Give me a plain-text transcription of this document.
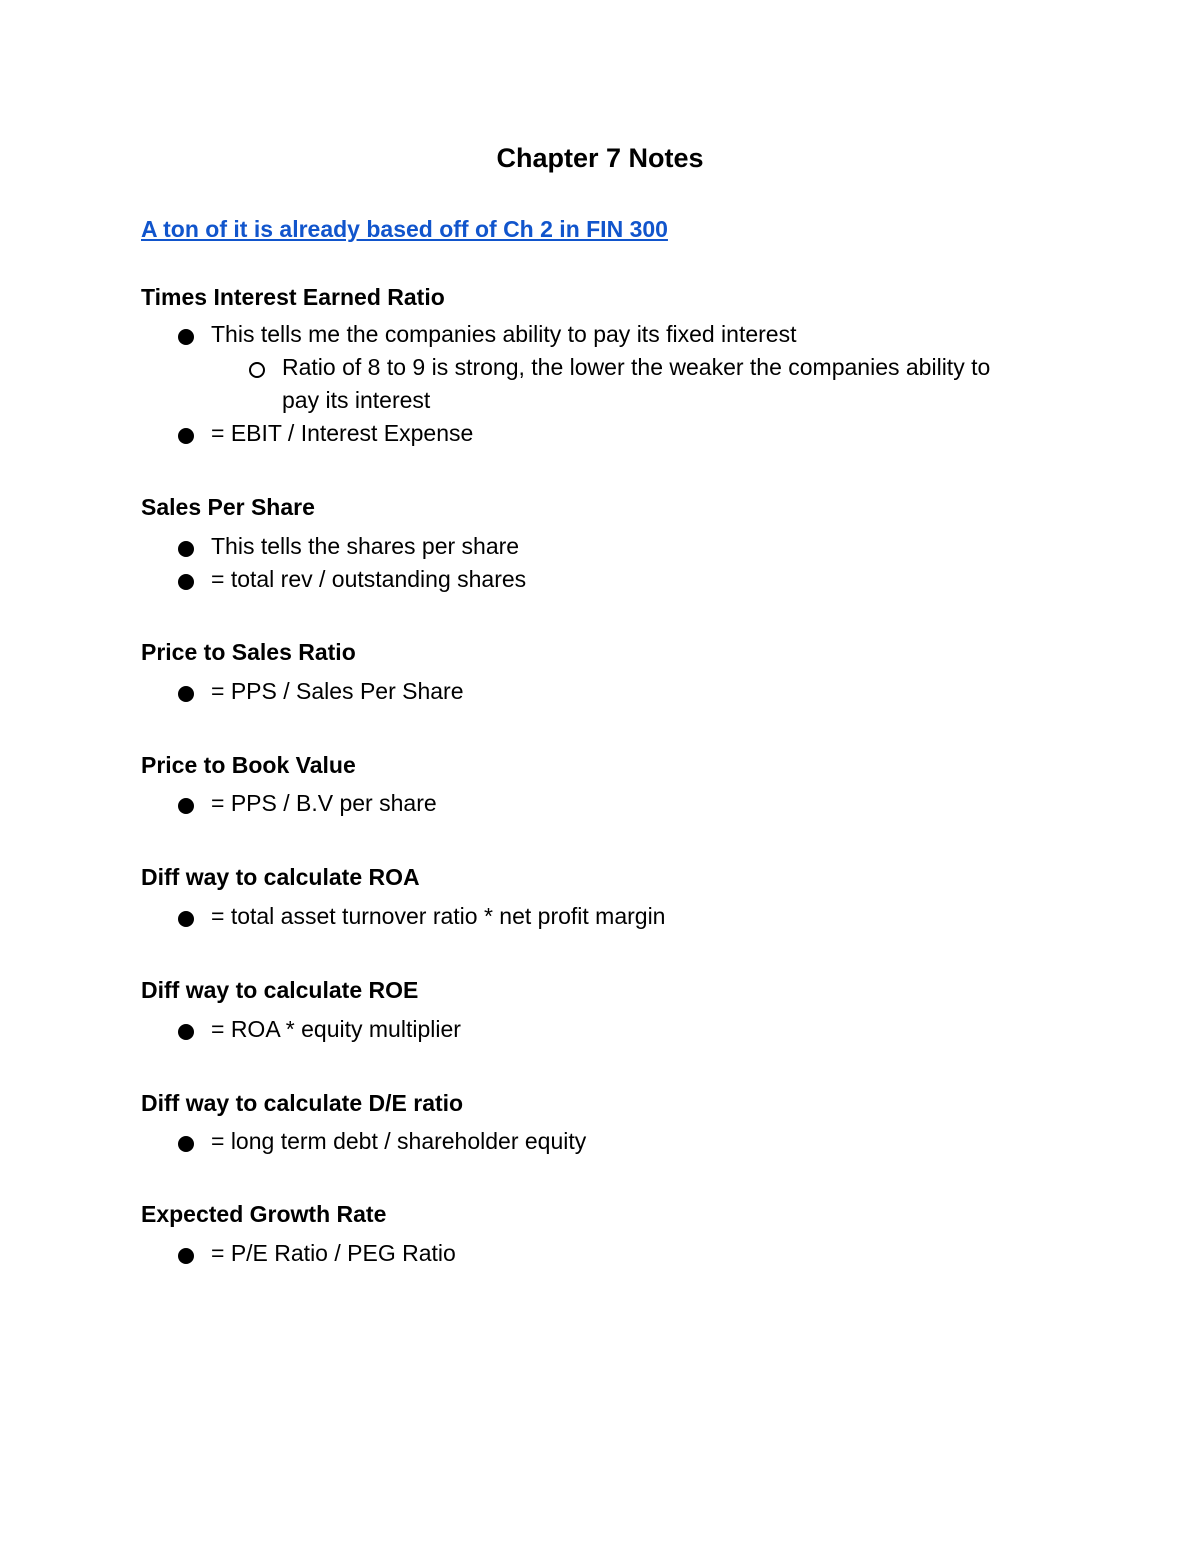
Chapter 7 Notes
A ton of it is already based off of Ch 2 in FIN 300

Times Interest Earned Ratio

This tells me the companies ability to pay its fixed interest
Ratio of 8 to 9 is strong, the lower the weaker the companies ability to pay its interest
= EBIT / Interest Expense

Sales Per Share

This tells the shares per share
= total rev / outstanding shares

Price to Sales Ratio

= PPS / Sales Per Share

Price to Book Value

= PPS / B.V per share

Diff way to calculate ROA

= total asset turnover ratio * net profit margin

Diff way to calculate ROE

= ROA * equity multiplier

Diff way to calculate D/E ratio

= long term debt / shareholder equity

Expected Growth Rate

= P/E Ratio / PEG Ratio
